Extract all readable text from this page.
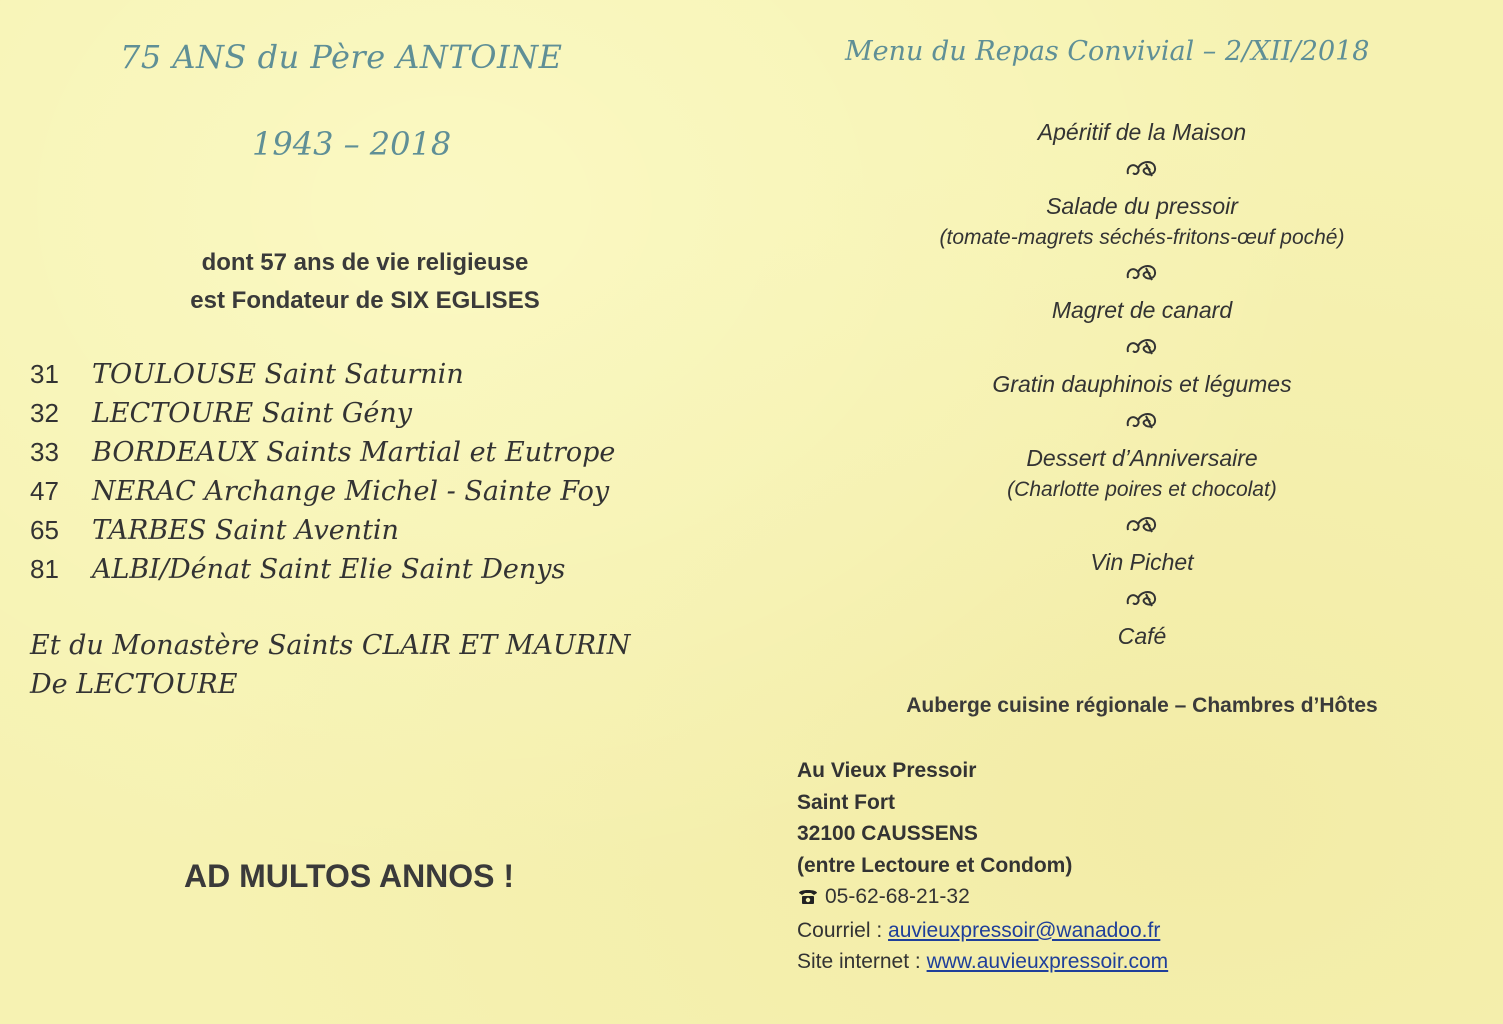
75 ANS du Père ANTOINE
1943 – 2018
dont 57 ans de vie religieuse
est Fondateur de SIX EGLISES
31 TOULOUSE Saint Saturnin
32 LECTOURE Saint Gény
33 BORDEAUX Saints Martial et Eutrope
47 NERAC Archange Michel - Sainte Foy
65 TARBES Saint Aventin
81 ALBI/Dénat Saint Elie Saint Denys
Et du Monastère Saints CLAIR ET MAURIN
De LECTOURE
AD MULTOS ANNOS !
Menu du Repas Convivial – 2/XII/2018
Apéritif de la Maison
Salade du pressoir
(tomate-magrets séchés-fritons-œuf poché)
Magret de canard
Gratin dauphinois et légumes
Dessert d’Anniversaire
(Charlotte poires et chocolat)
Vin Pichet
Café
Auberge cuisine régionale – Chambres d’Hôtes
Au Vieux Pressoir
Saint Fort
32100 CAUSSENS
(entre Lectoure et Condom)
05-62-68-21-32
Courriel : auvieuxpressoir@wanadoo.fr
Site internet : www.auvieuxpressoir.com
